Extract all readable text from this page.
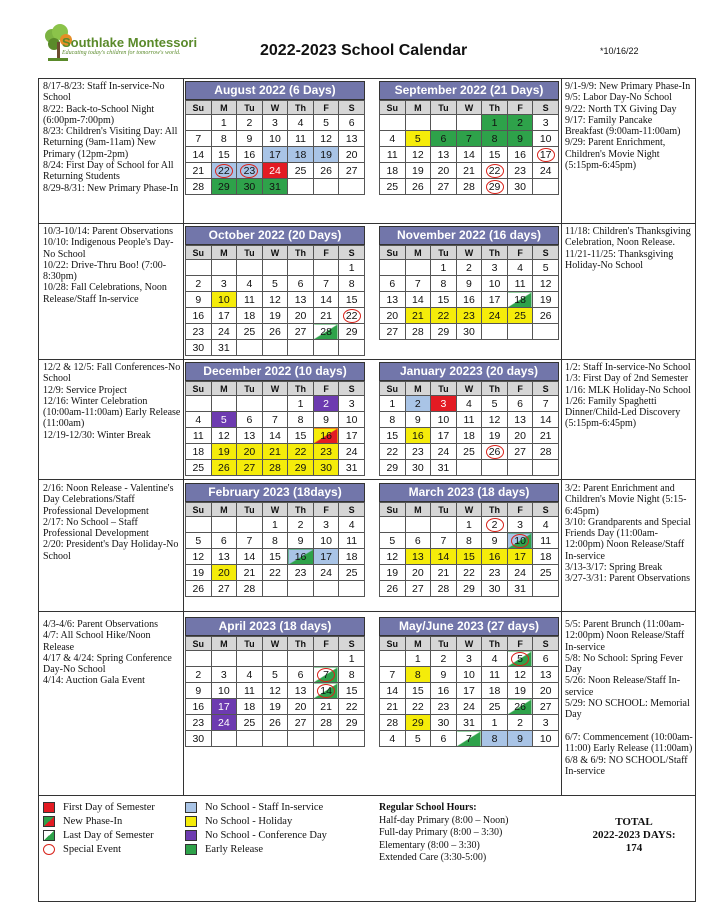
Southlake Montessori
Educating today's children for tomorrow's world.	2022-2023 School Calendar	*10/16/22
8/17-8/23: Staff In-service-No School
8/22: Back-to-School Night (6:00pm-7:00pm)
8/23: Children's Visiting Day: All Returning (9am-11am) New Primary (12pm-2pm)
8/24: First Day of School for All Returning Students
8/29-8/31: New Primary Phase-In
9/1-9/9: New Primary Phase-In
9/5: Labor Day-No School
9/22: North TX Giving Day
9/17: Family Pancake Breakfast (9:00am-11:00am)
9/29: Parent Enrichment, Children's Movie Night (5:15pm-6:45pm)
10/3-10/14: Parent Observations
10/10: Indigenous People's Day-No School
10/22: Drive-Thru Boo! (7:00-8:30pm)
10/28: Fall Celebrations, Noon Release/Staff In-service
11/18: Children's Thanksgiving Celebration, Noon Release.
11/21-11/25: Thanksgiving Holiday-No School
12/2 & 12/5: Fall Conferences-No School
12/9: Service Project
12/16: Winter Celebration (10:00am-11:00am) Early Release (11:00am)
12/19-12/30: Winter Break
1/2: Staff In-service-No School
1/3: First Day of 2nd Semester
1/16: MLK Holiday-No School
1/26: Family Spaghetti Dinner/Child-Led Discovery (5:15pm-6:45pm)
2/16: Noon Release - Valentine's Day Celebrations/Staff Professional Development
2/17: No School – Staff Professional Development
2/20: President's Day Holiday-No School
3/2: Parent Enrichment and Children's Movie Night (5:15-6:45pm)
3/10: Grandparents and Special Friends Day (11:00am-12:00pm) Noon Release/Staff In-service
3/13-3/17: Spring Break
3/27-3/31: Parent Observations
4/3-4/6: Parent Observations
4/7: All School Hike/Noon Release
4/17 & 4/24: Spring Conference Day-No School
4/14: Auction Gala Event
5/5: Parent Brunch (11:00am-12:00pm) Noon Release/Staff In-service
5/8: No School: Spring Fever Day
5/26: Noon Release/Staff In-service
5/29: NO SCHOOL: Memorial Day

6/7: Commencement (10:00am-11:00) Early Release (11:00am)
6/8 & 6/9: NO SCHOOL/Staff In-service
August 2022 (6 Days)
Su	M	Tu	W	Th	F	S
	1	2	3	4	5	6
7	8	9	10	11	12	13
14	15	16	17	18	19	20
21	22	23	24	25	26	27
28	29	30	31			
September 2022 (21 Days)
Su	M	Tu	W	Th	F	S
				1	2	3
4	5	6	7	8	9	10
11	12	13	14	15	16	17
18	19	20	21	22	23	24
25	26	27	28	29	30	
October 2022 (20 Days)
Su	M	Tu	W	Th	F	S
						1
2	3	4	5	6	7	8
9	10	11	12	13	14	15
16	17	18	19	20	21	22
23	24	25	26	27	28	29
30	31					
November 2022 (16 days)
Su	M	Tu	W	Th	F	S
		1	2	3	4	5
6	7	8	9	10	11	12
13	14	15	16	17	18	19
20	21	22	23	24	25	26
27	28	29	30			
December 2022 (10 days)
Su	M	Tu	W	Th	F	S
				1	2	3
4	5	6	7	8	9	10
11	12	13	14	15	16	17
18	19	20	21	22	23	24
25	26	27	28	29	30	31
January 20223 (20 days)
Su	M	Tu	W	Th	F	S
1	2	3	4	5	6	7
8	9	10	11	12	13	14
15	16	17	18	19	20	21
22	23	24	25	26	27	28
29	30	31				
February 2023 (18days)
Su	M	Tu	W	Th	F	S
			1	2	3	4
5	6	7	8	9	10	11
12	13	14	15	16	17	18
19	20	21	22	23	24	25
26	27	28				
March 2023 (18 days)
Su	M	Tu	W	Th	F	S
			1	2	3	4
5	6	7	8	9	10	11
12	13	14	15	16	17	18
19	20	21	22	23	24	25
26	27	28	29	30	31	
April 2023 (18 days)
Su	M	Tu	W	Th	F	S
						1
2	3	4	5	6	7	8
9	10	11	12	13	14	15
16	17	18	19	20	21	22
23	24	25	26	27	28	29
30						
May/June 2023 (27 days)
Su	M	Tu	W	Th	F	S
	1	2	3	4	5	6
7	8	9	10	11	12	13
14	15	16	17	18	19	20
21	22	23	24	25	26	27
28	29	30	31	1	2	3
4	5	6	7	8	9	10
First Day of Semester
New Phase-In
Last Day of Semester
Special Event
No School - Staff In-service
No School - Holiday
No School - Conference Day
Early Release
Regular School Hours:
Half-day Primary (8:00 – Noon)
Full-day Primary (8:00 – 3:30)
Elementary (8:00 – 3:30)
Extended Care (3:30-5:00)
TOTAL
2022-2023 DAYS:
174
